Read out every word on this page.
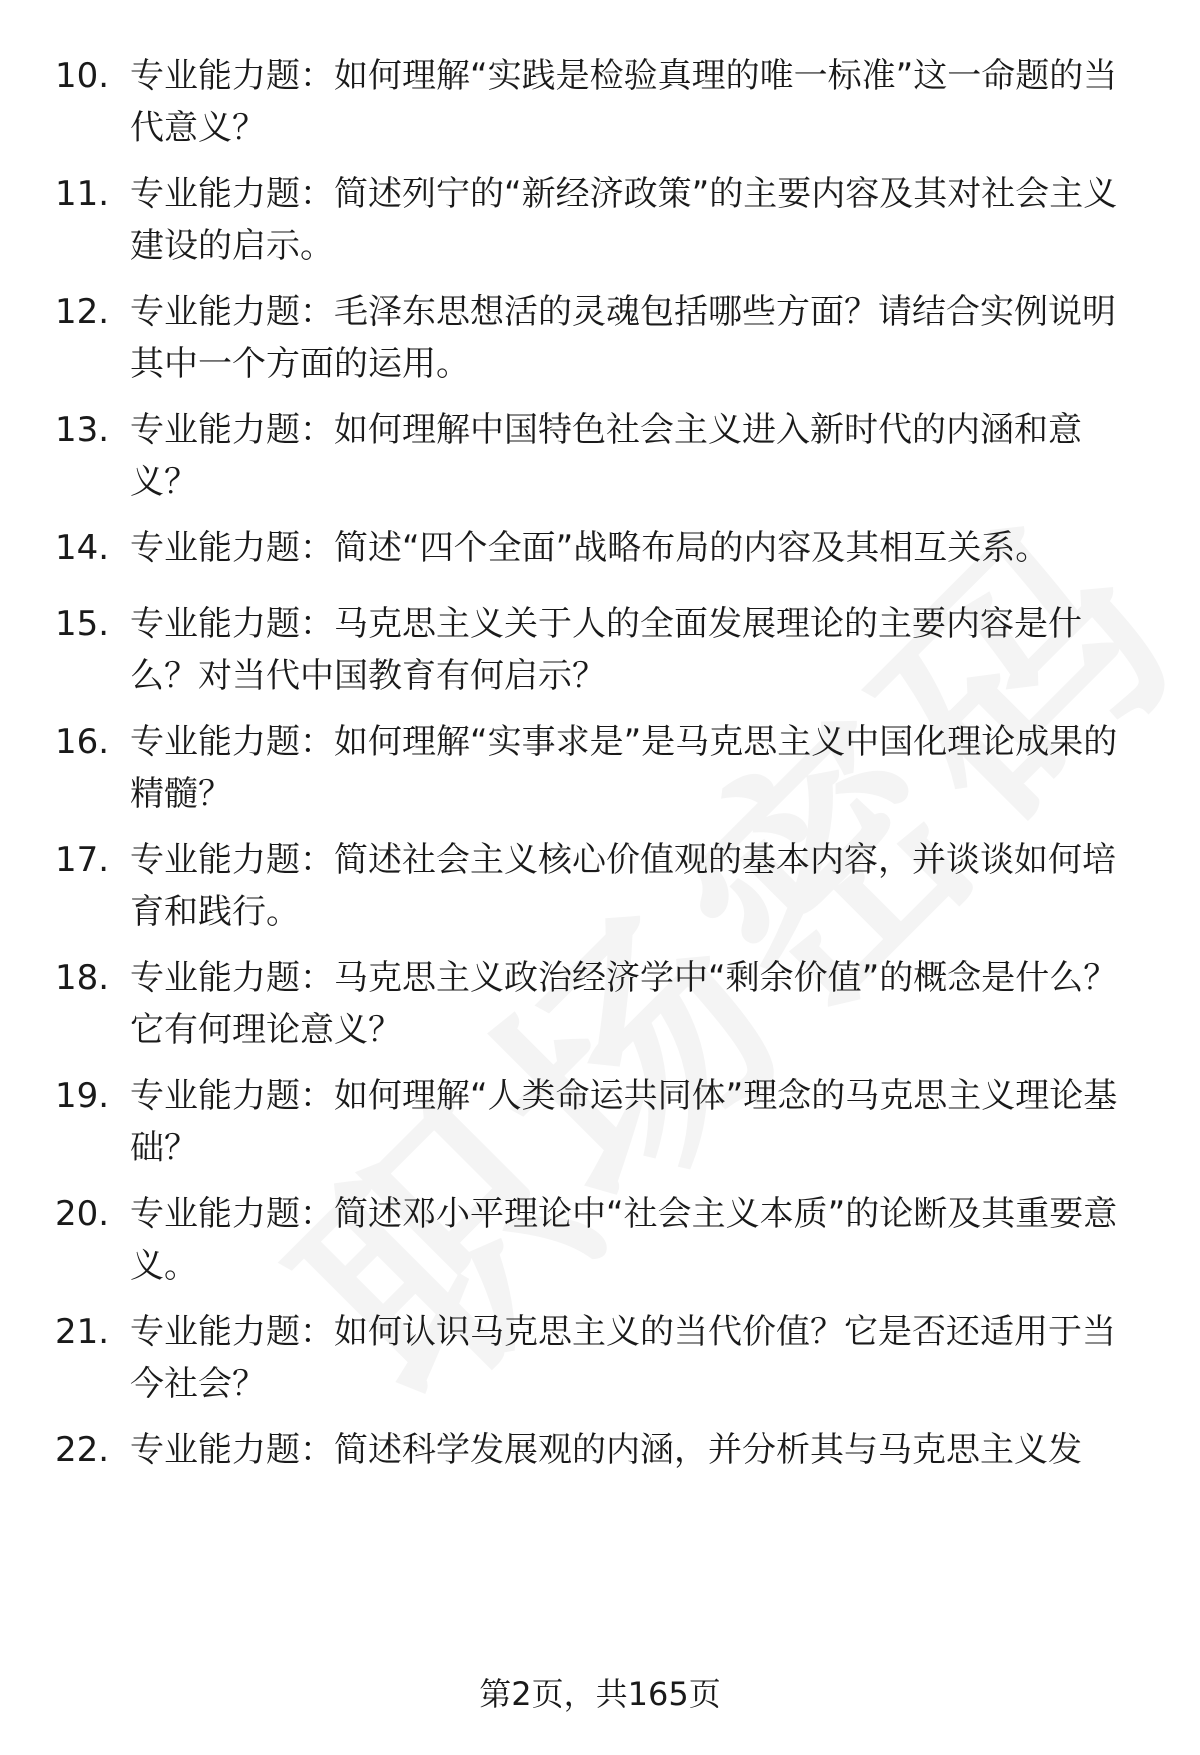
10. 专业能力题：如何理解“实践是检验真理的唯一标准”这一命题的当代意义？
11. 专业能力题：简述列宁的“新经济政策”的主要内容及其对社会主义建设的启示。
12. 专业能力题：毛泽东思想活的灵魂包括哪些方面？请结合实例说明其中一个方面的运用。
13. 专业能力题：如何理解中国特色社会主义进入新时代的内涵和意义？
14. 专业能力题：简述“四个全面”战略布局的内容及其相互关系。
15. 专业能力题：马克思主义关于人的全面发展理论的主要内容是什么？对当代中国教育有何启示？
16. 专业能力题：如何理解“实事求是”是马克思主义中国化理论成果的精髓？
17. 专业能力题：简述社会主义核心价值观的基本内容，并谈谈如何培育和践行。
18. 专业能力题：马克思主义政治经济学中“剩余价值”的概念是什么？它有何理论意义？
19. 专业能力题：如何理解“人类命运共同体”理念的马克思主义理论基础？
20. 专业能力题：简述邓小平理论中“社会主义本质”的论断及其重要意义。
21. 专业能力题：如何认识马克思主义的当代价值？它是否还适用于当今社会？
22. 专业能力题：简述科学发展观的内涵，并分析其与马克思主义发
第2页，共165页
